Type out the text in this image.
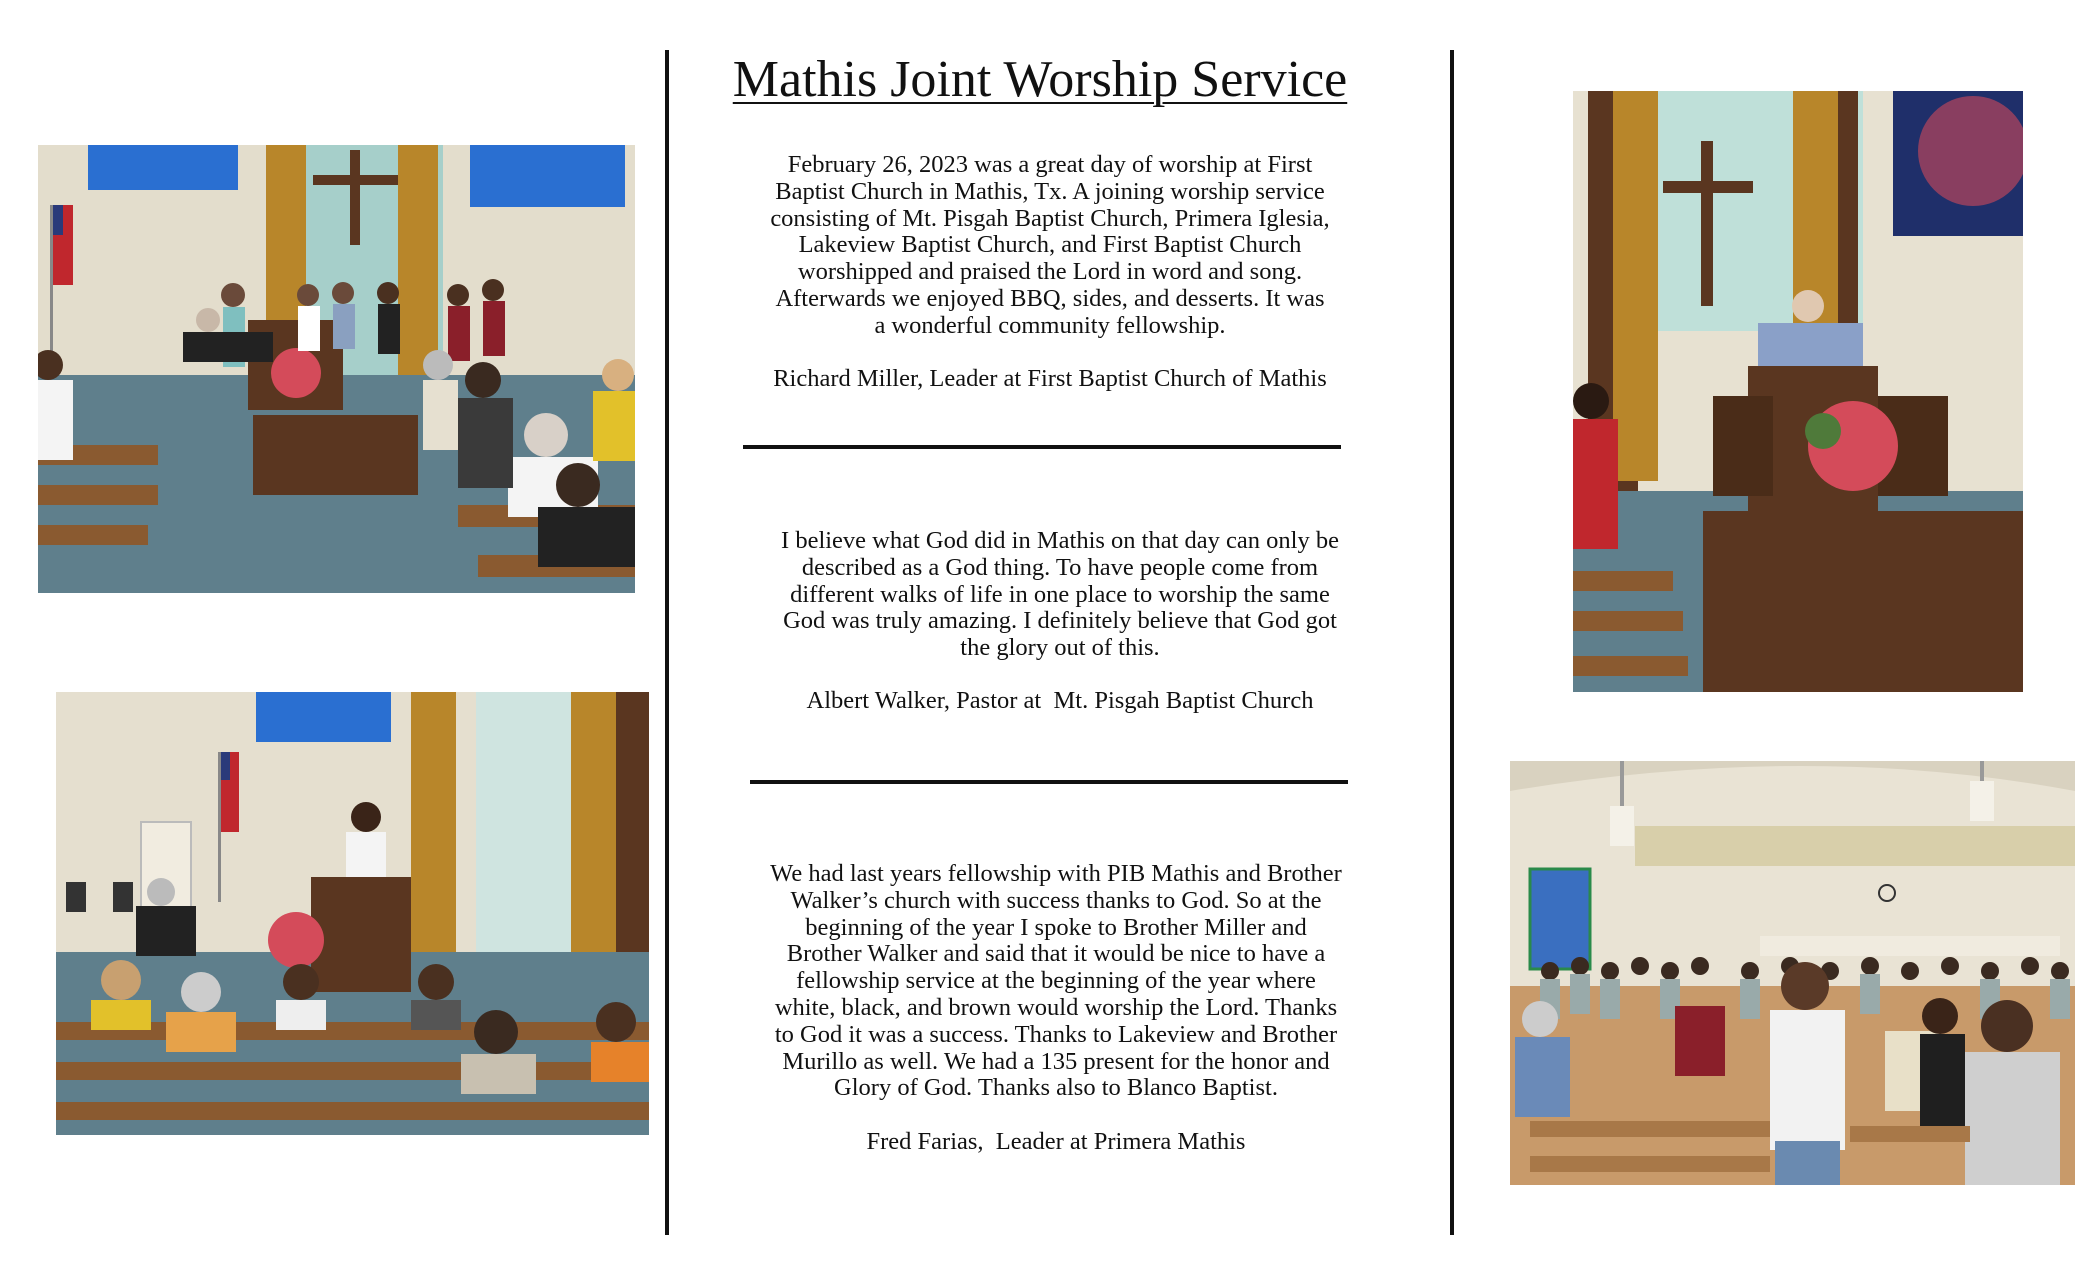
Mathis Joint Worship Service
February 26, 2023 was a great day of worship at First
Baptist Church in Mathis, Tx. A joining worship service
consisting of Mt. Pisgah Baptist Church, Primera Iglesia,
Lakeview Baptist Church, and First Baptist Church
worshipped and praised the Lord in word and song.
Afterwards we enjoyed BBQ, sides, and desserts. It was
a wonderful community fellowship.
Richard Miller, Leader at First Baptist Church of Mathis
I believe what God did in Mathis on that day can only be
described as a God thing. To have people come from
different walks of life in one place to worship the same
God was truly amazing. I definitely believe that God got
the glory out of this.
Albert Walker, Pastor at  Mt. Pisgah Baptist Church
We had last years fellowship with PIB Mathis and Brother
Walker’s church with success thanks to God. So at the
beginning of the year I spoke to Brother Miller and
Brother Walker and said that it would be nice to have a
fellowship service at the beginning of the year where
white, black, and brown would worship the Lord. Thanks
to God it was a success. Thanks to Lakeview and Brother
Murillo as well. We had a 135 present for the honor and
Glory of God. Thanks also to Blanco Baptist.
Fred Farias,  Leader at Primera Mathis
